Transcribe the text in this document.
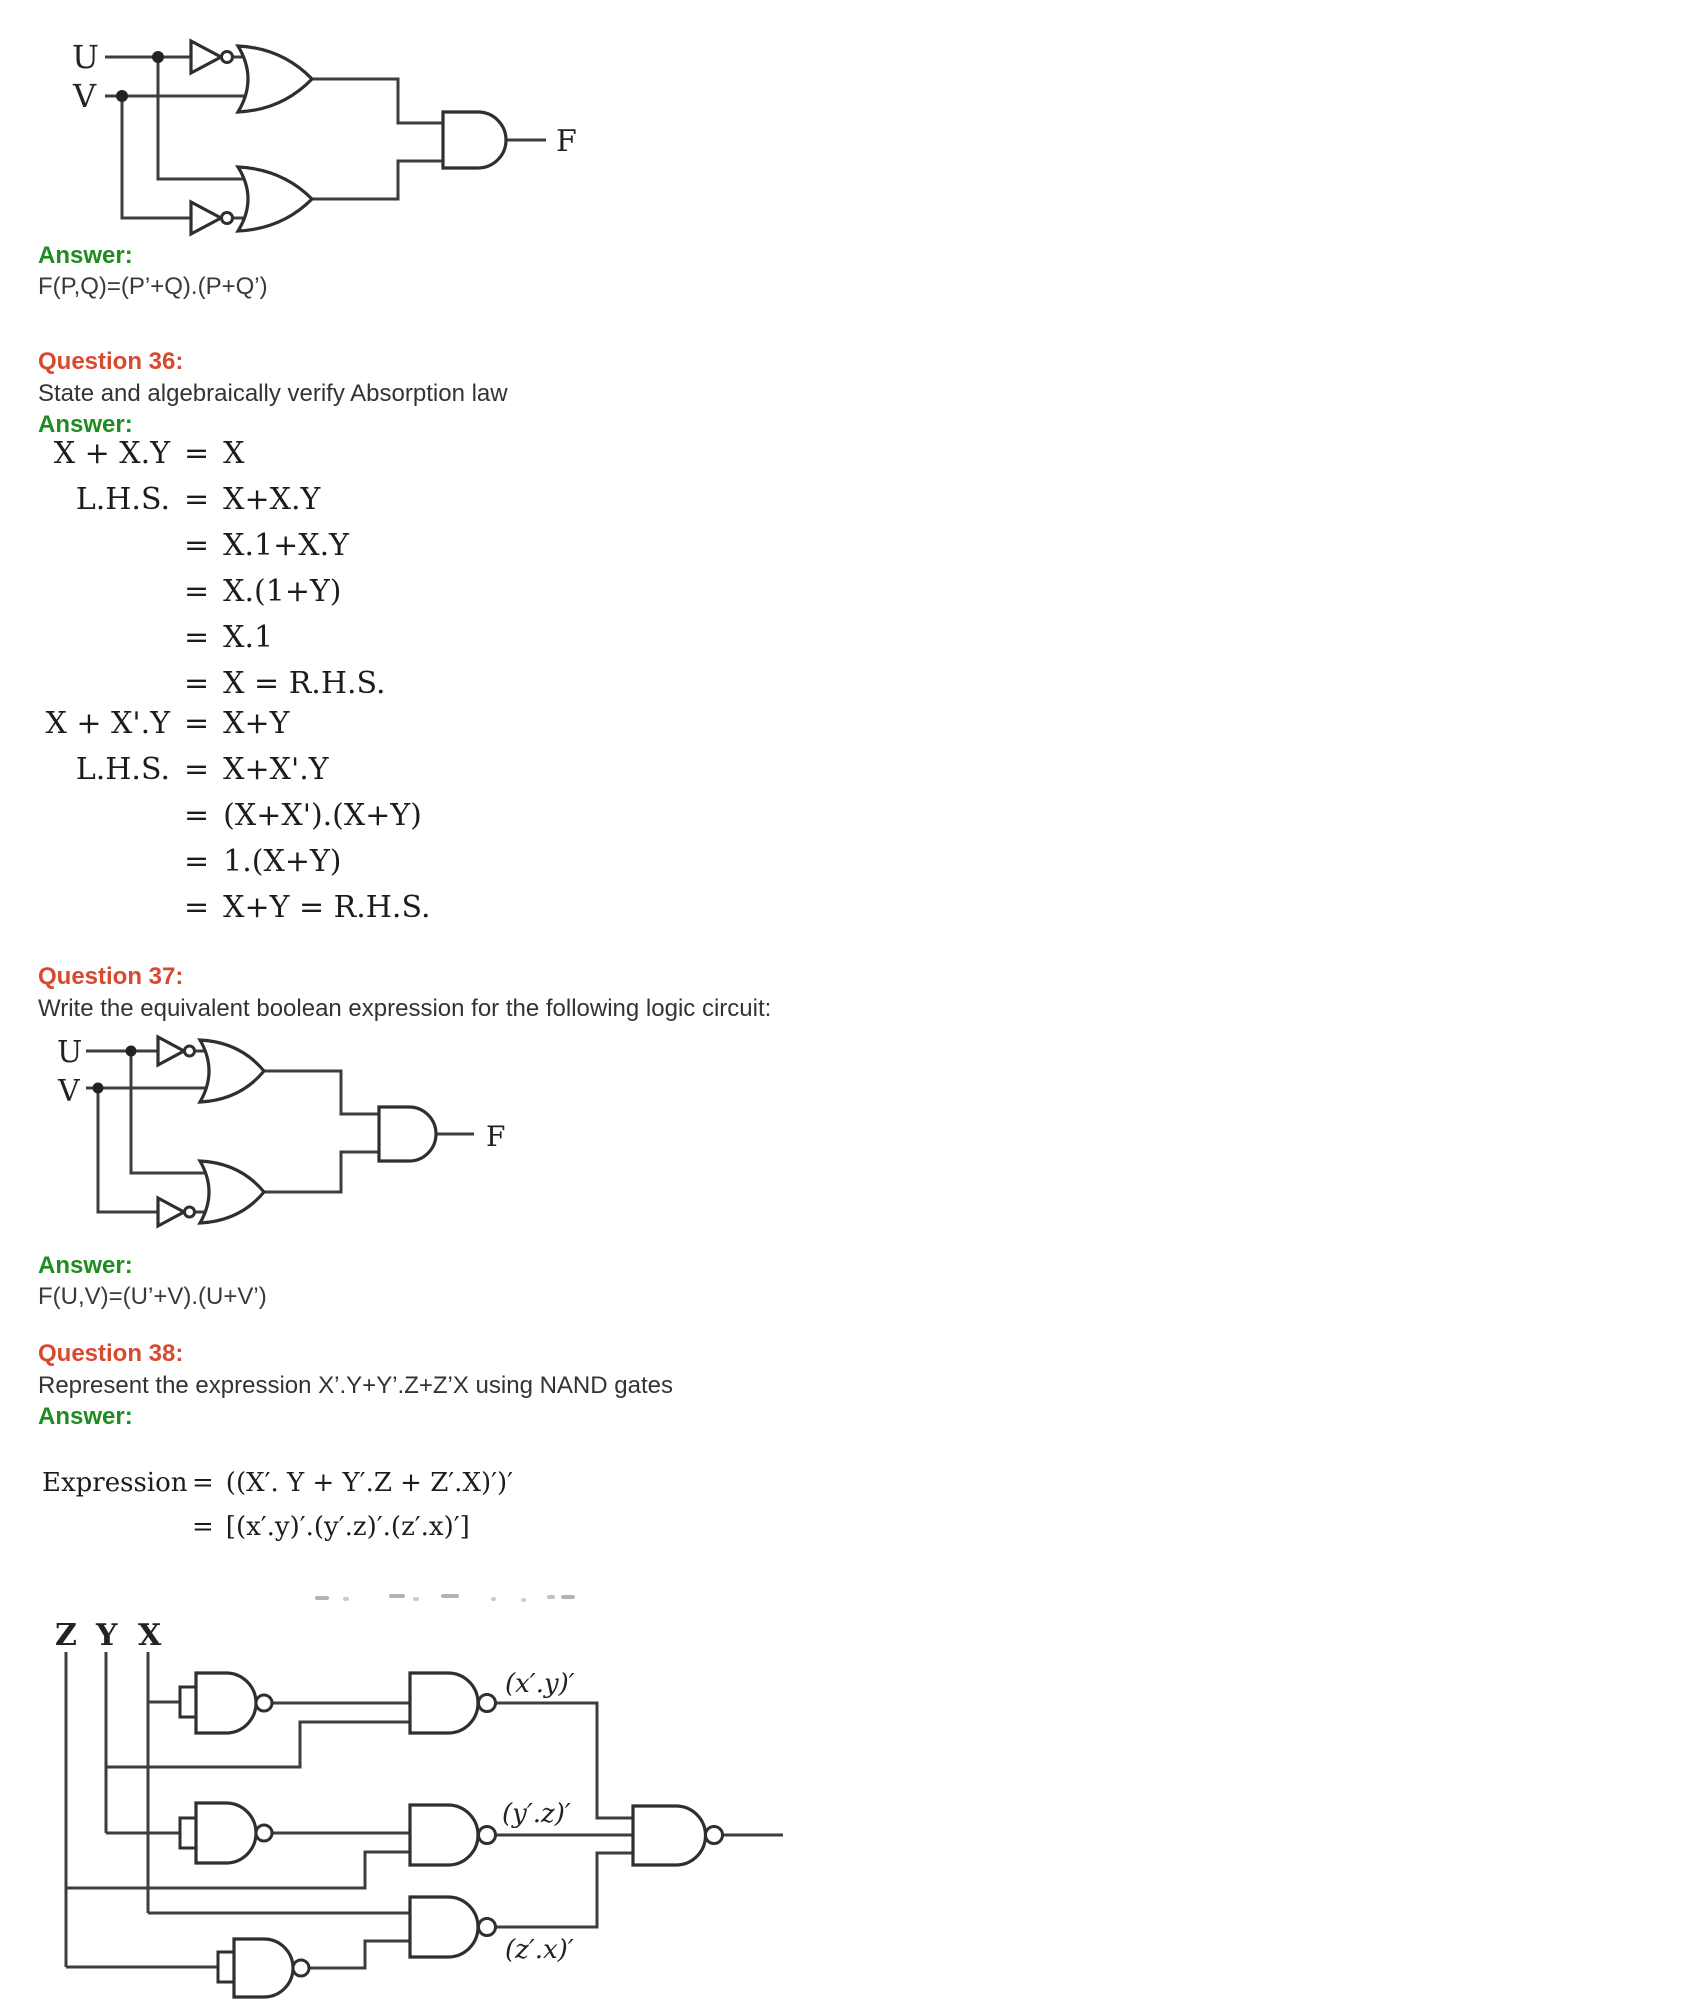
U
V
F
Answer:
F(P,Q)=(P’+Q).(P+Q’)
Question 36:
State and algebraically verify Absorption law
Answer:
X + X.Y = X
L.H.S. = X+X.Y
= X.1+X.Y
= X.(1+Y)
= X.1
= X = R.H.S.
X + X'.Y = X+Y
L.H.S. = X+X'.Y
= (X+X').(X+Y)
= 1.(X+Y)
= X+Y = R.H.S.
Question 37:
Write the equivalent boolean expression for the following logic circuit:
U
V
F
Answer:
F(U,V)=(U’+V).(U+V’)
Question 38:
Represent the expression X’.Y+Y’.Z+Z’X using NAND gates
Answer:
Expression = ((X′. Y + Y′.Z + Z′.X)′)′
= [(x′.y)′.(y′.z)′.(z′.x)′]
Z Y X
(x′.y)′
(y′.z)′
(z′.x)′
